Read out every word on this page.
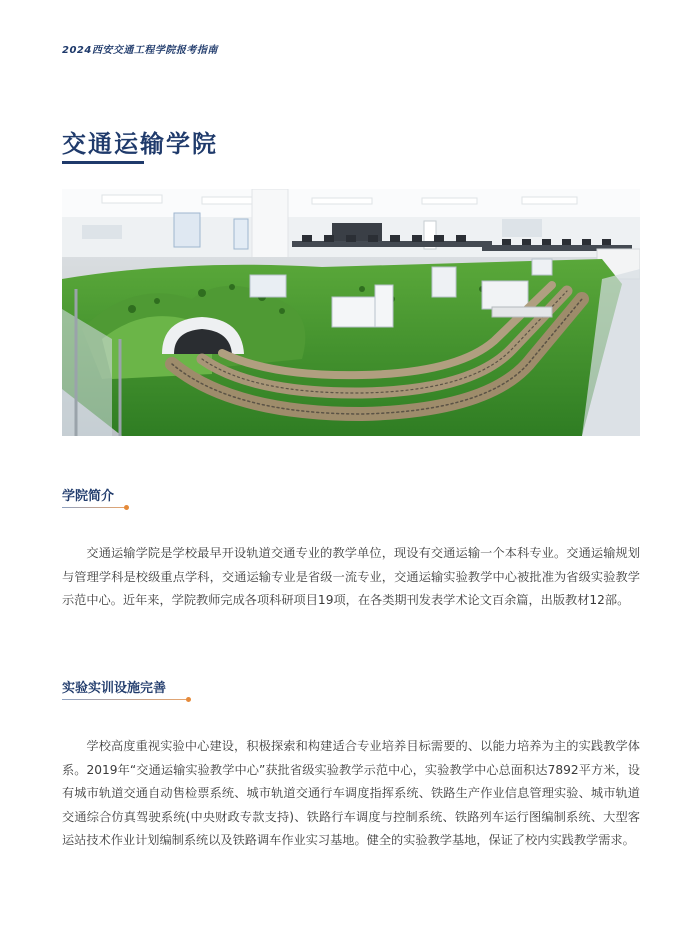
2024西安交通工程学院报考指南
交通运输学院
学院简介

交通运输学院是学校最早开设轨道交通专业的教学单位，现设有交通运输一个本科专业。交通运输规划与管理学科是校级重点学科，交通运输专业是省级一流专业，交通运输实验教学中心被批准为省级实验教学示范中心。近年来，学院教师完成各项科研项目19项，在各类期刊发表学术论文百余篇，出版教材12部。

实验实训设施完善

学校高度重视实验中心建设，积极探索和构建适合专业培养目标需要的、以能力培养为主的实践教学体系。2019年“交通运输实验教学中心”获批省级实验教学示范中心，实验教学中心总面积达7892平方米，设有城市轨道交通自动售检票系统、城市轨道交通行车调度指挥系统、铁路生产作业信息管理实验、城市轨道交通综合仿真驾驶系统(中央财政专款支持)、铁路行车调度与控制系统、铁路列车运行图编制系统、大型客运站技术作业计划编制系统以及铁路调车作业实习基地。健全的实验教学基地，保证了校内实践教学需求。
